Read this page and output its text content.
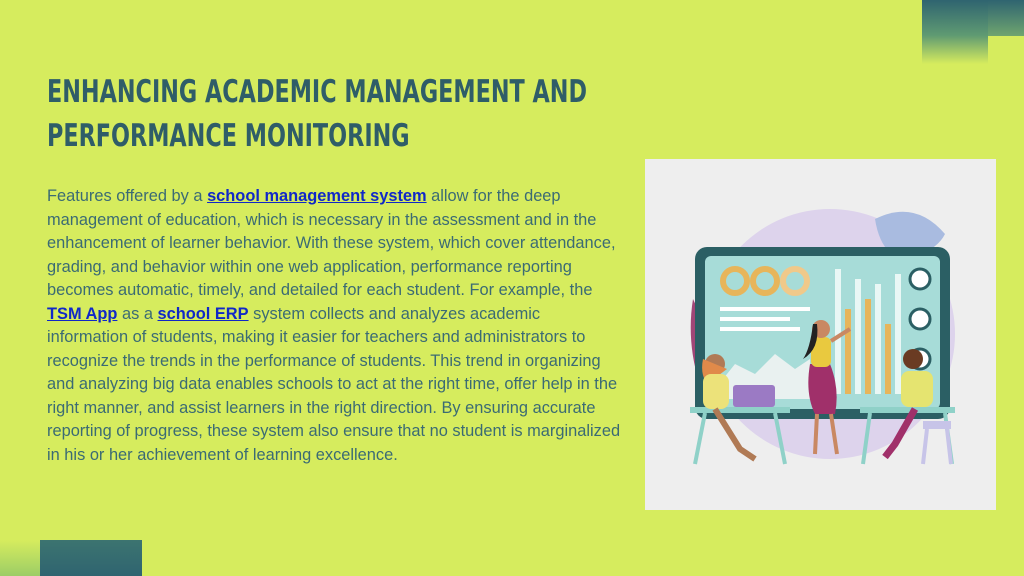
ENHANCING ACADEMIC MANAGEMENT AND
PERFORMANCE MONITORING

Features offered by a school management system allow for the deep management of education, which is necessary in the assessment and in the enhancement of learner behavior. With these system, which cover attendance, grading, and behavior within one web application, performance reporting becomes automatic, timely, and detailed for each student. For example, the TSM App as a school ERP system collects and analyzes academic information of students, making it easier for teachers and administrators to recognize the trends in the performance of students. This trend in organizing and analyzing big data enables schools to act at the right time, offer help in the right manner, and assist learners in the right direction. By ensuring accurate reporting of progress, these system also ensure that no student is marginalized in his or her achievement of learning excellence.
